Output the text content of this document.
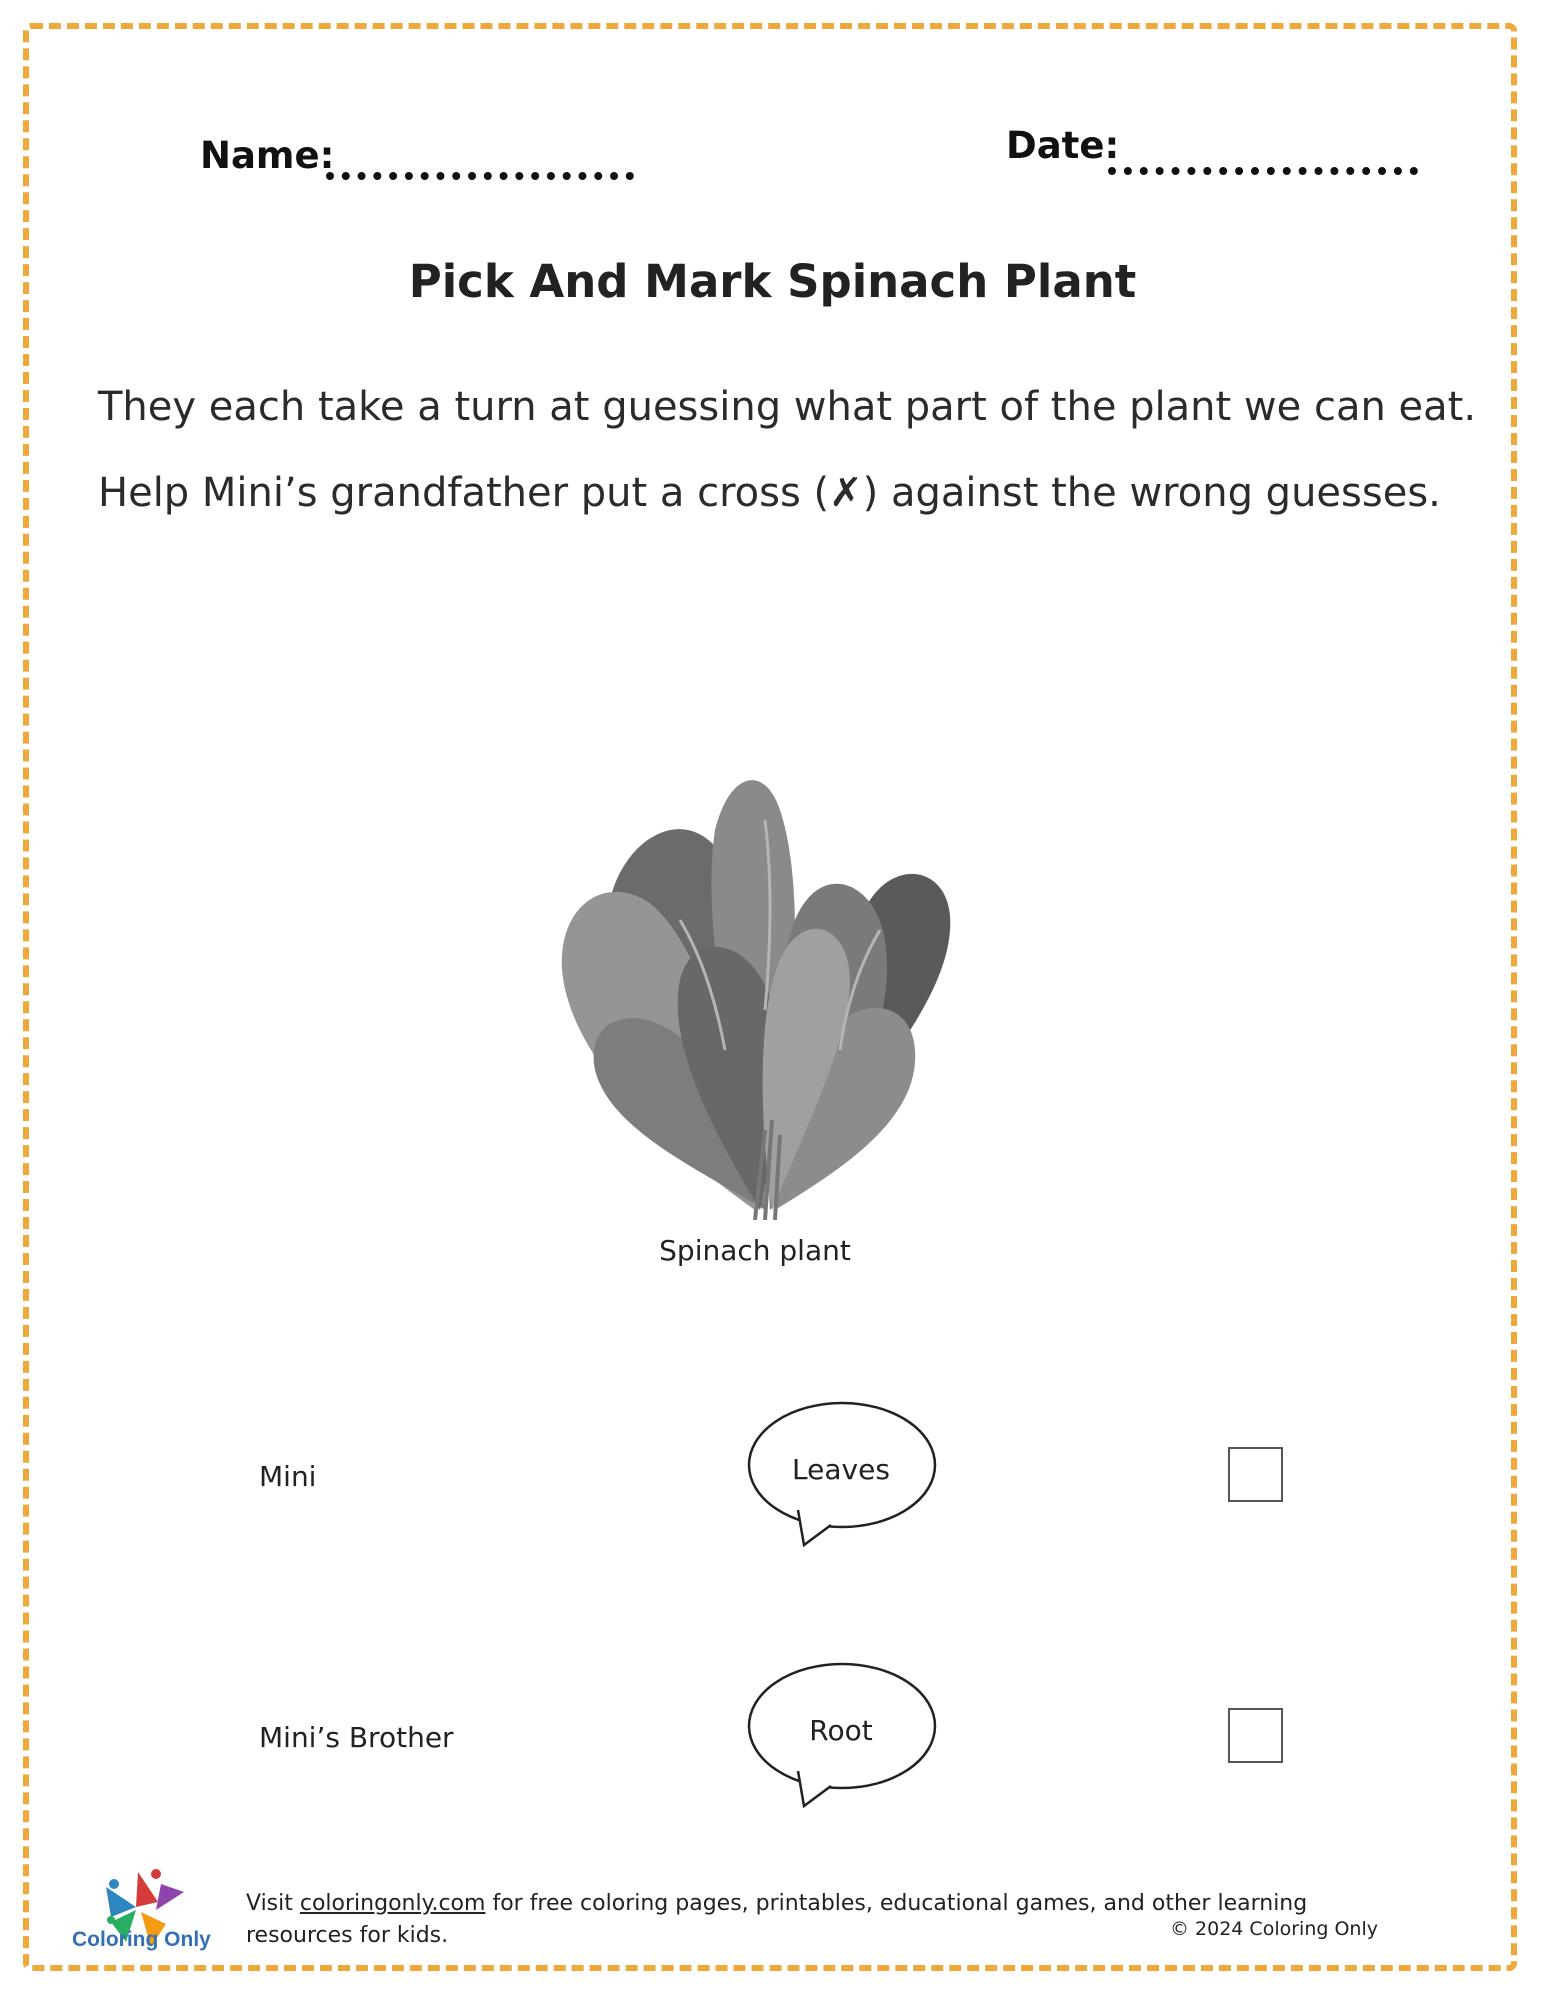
Name:	Date:
Pick And Mark Spinach Plant
They each take a turn at guessing what part of the plant we can eat.
Help Mini’s grandfather put a cross (✗) against the wrong guesses.
Spinach plant
Mini	Leaves
Mini’s Brother	Root
Coloring Only
Visit coloringonly.com for free coloring pages, printables, educational games, and other learning resources for kids.	© 2024 Coloring Only
